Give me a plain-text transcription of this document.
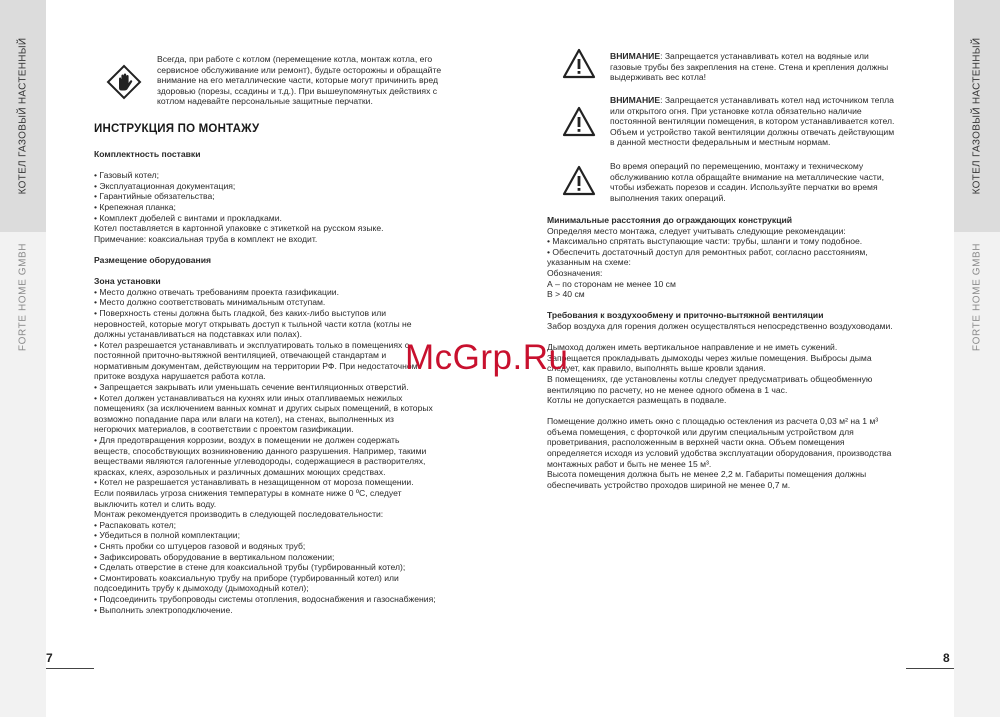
КОТЕЛ ГАЗОВЫЙ НАСТЕННЫЙ
FORTE HOME GMBH
КОТЕЛ ГАЗОВЫЙ НАСТЕННЫЙ
FORTE HOME GMBH
7	8

Всегда, при работе с котлом (перемещение котла, монтаж котла, его

сервисное обслуживание или ремонт), будьте осторожны и обращайте

внимание на его металлические части, которые могут причинить вред

здоровью (порезы, ссадины и т.д.). При вышеупомянутых действиях с

котлом надевайте персональные защитные перчатки.

ИНСТРУКЦИЯ ПО МОНТАЖУ

Комплектность поставки

• Газовый котел;

• Эксплуатационная документация;

• Гарантийные обязательства;

• Крепежная планка;

• Комплект дюбелей с винтами и прокладками.

Котел поставляется в картонной упаковке с этикеткой на русском языке.

Примечание: коаксиальная труба в комплект не входит.

Размещение оборудования

Зона установки

• Место должно отвечать требованиям проекта газификации.

• Место должно соответствовать минимальным отступам.

• Поверхность стены должна быть гладкой, без каких-либо выступов или

неровностей, которые могут открывать доступ к тыльной части котла (котлы не

должны устанавливаться на подставках или полах).

• Котел разрешается устанавливать и эксплуатировать только в помещениях с

постоянной приточно-вытяжной вентиляцией, отвечающей стандартам и

нормативным документам, действующим на территории РФ. При недостаточном

притоке воздуха нарушается работа котла.

• Запрещается закрывать или уменьшать сечение вентиляционных отверстий.

• Котел должен устанавливаться на кухнях или иных отапливаемых нежилых

помещениях (за исключением ванных комнат и других сырых помещений, в которых

возможно попадание пара или влаги на котел), на стенах, выполненных из

негорючих материалов, в соответствии с проектом газификации.

• Для предотвращения коррозии, воздух в помещении не должен содержать

веществ, способствующих возникновению данного разрушения. Например, такими

веществами являются галогенные углеводороды, содержащиеся в растворителях,

красках, клеях, аэрозольных и различных домашних моющих средствах.

• Котел не разрешается устанавливать в незащищенном от мороза помещении.

Если появилась угроза снижения температуры в комнате ниже 0 ºС, следует

выключить котел и слить воду.

Монтаж рекомендуется производить в следующей последовательности:

• Распаковать котел;

• Убедиться в полной комплектации;

• Снять пробки со штуцеров газовой и водяных труб;

• Зафиксировать оборудование в вертикальном положении;

• Сделать отверстие в стене для коаксиальной трубы (турбированный котел);

• Смонтировать коаксиальную трубу на приборе (турбированный котел) или

подсоединить трубу к дымоходу (дымоходный котел);

• Подсоединить трубопроводы системы отопления, водоснабжения и газоснабжения;

• Выполнить электроподключение.

ВНИМАНИЕ: Запрещается устанавливать котел на водяные или

газовые трубы без закрепления на стене. Стена и крепления должны

выдерживать вес котла!

ВНИМАНИЕ: Запрещается устанавливать котел над источником тепла

или открытого огня. При установке котла обязательно наличие

постоянной вентиляции помещения, в котором устанавливается котел.

Объем и устройство такой вентиляции должны отвечать действующим

в данной местности федеральным и местным нормам.

Во время операций по перемещению, монтажу и техническому

обслуживанию котла обращайте внимание на металлические части,

чтобы избежать порезов и ссадин. Используйте перчатки во время

выполнения таких операций.

Минимальные расстояния до ограждающих конструкций

Определяя место монтажа, следует учитывать следующие рекомендации:

• Максимально спрятать выступающие части: трубы, шланги и тому подобное.

• Обеспечить достаточный доступ для ремонтных работ, согласно расстояниям,

указанным на схеме:

Обозначения:

А – по сторонам не менее 10 см

В > 40 см

Требования к воздухообмену и приточно-вытяжной вентиляции

Забор воздуха для горения должен осуществляться непосредственно воздуховодами.

Дымоход должен иметь вертикальное направление и не иметь сужений.

Запрещается прокладывать дымоходы через жилые помещения. Выбросы дыма

следует, как правило, выполнять выше кровли здания.

В помещениях, где установлены котлы следует предусматривать общеобменную

вентиляцию по расчету, но не менее одного обмена в 1 час.

Котлы не допускается размещать в подвале.

Помещение должно иметь окно с площадью остекления из расчета 0,03 м² на 1 м³

объема помещения, с форточкой или другим специальным устройством для

проветривания, расположенным в верхней части окна. Объем помещения

определяется исходя из условий удобства эксплуатации оборудования, производства

монтажных работ и быть не менее 15 м³.

Высота помещения должна быть не менее 2,2 м. Габариты помещения должны

обеспечивать устройство проходов шириной не менее 0,7 м.

McGrp.Ru
